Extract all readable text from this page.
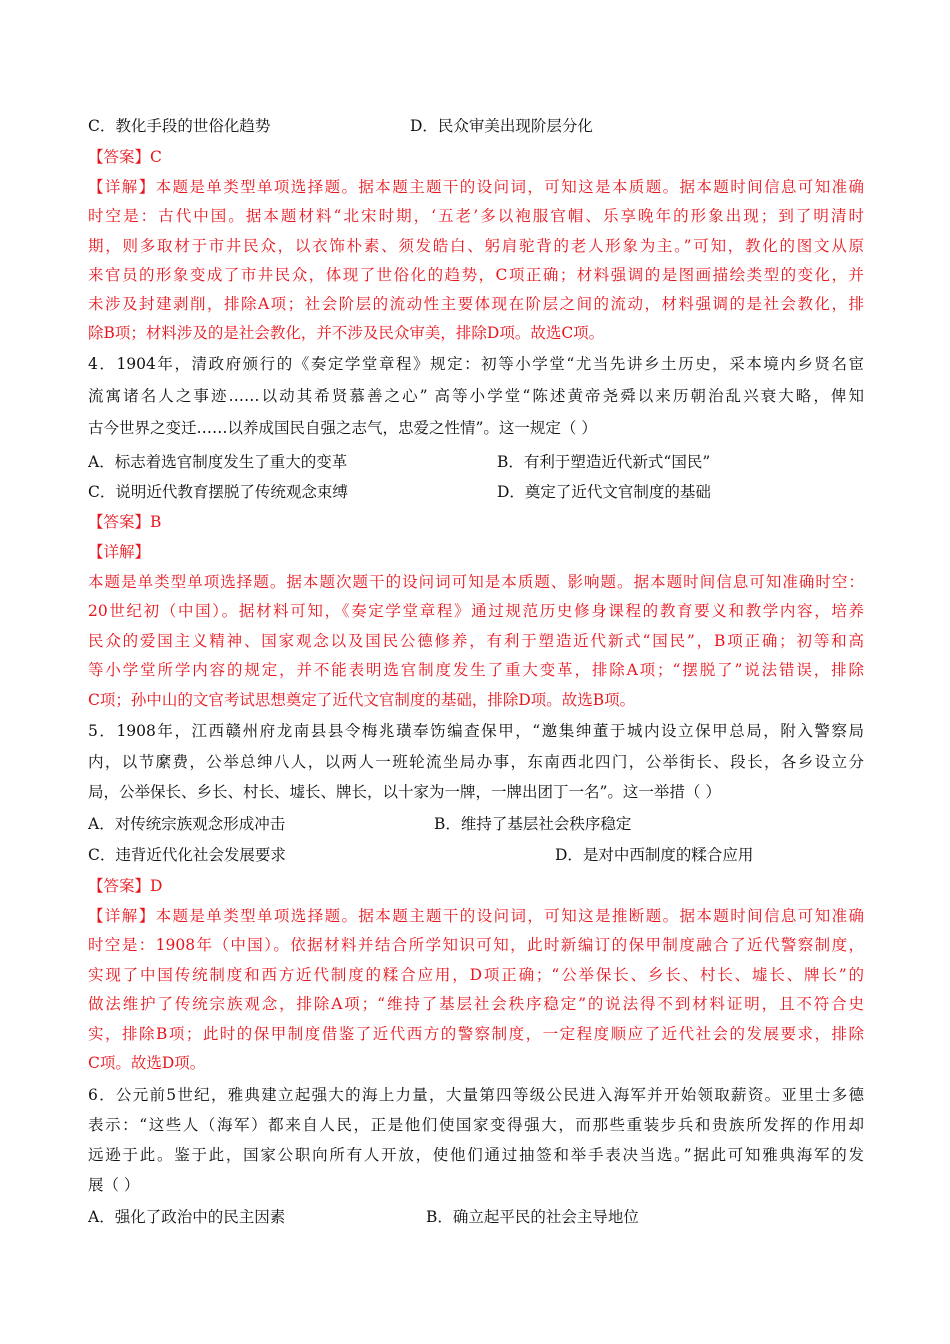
C．教化手段的世俗化趋势	D．民众审美出现阶层分化
【答案】C
【详解】本题是单类型单项选择题。据本题主题干的设问词，可知这是本质题。据本题时间信息可知准确
时空是：古代中国。据本题材料“北宋时期，‘五老’多以袍服官帽、乐享晚年的形象出现；到了明清时
期，则多取材于市井民众，以衣饰朴素、须发皓白、躬肩驼背的老人形象为主。”可知，教化的图文从原
来官员的形象变成了市井民众，体现了世俗化的趋势，C项正确；材料强调的是图画描绘类型的变化，并
未涉及封建剥削，排除A项；社会阶层的流动性主要体现在阶层之间的流动，材料强调的是社会教化，排
除B项；材料涉及的是社会教化，并不涉及民众审美，排除D项。故选C项。
4．1904年，清政府颁行的《奏定学堂章程》规定：初等小学堂“尤当先讲乡土历史，采本境内乡贤名宦
流寓诸名人之事迹……以动其希贤慕善之心” 高等小学堂“陈述黄帝尧舜以来历朝治乱兴衰大略，俾知
古今世界之变迁……以养成国民自强之志气，忠爱之性情”。这一规定（ ）
A．标志着选官制度发生了重大的变革	B．有利于塑造近代新式“国民”
C．说明近代教育摆脱了传统观念束缚	D．奠定了近代文官制度的基础
【答案】B
【详解】
本题是单类型单项选择题。据本题次题干的设问词可知是本质题、影响题。据本题时间信息可知准确时空：
20世纪初（中国）。据材料可知，《奏定学堂章程》通过规范历史修身课程的教育要义和教学内容，培养
民众的爱国主义精神、国家观念以及国民公德修养，有利于塑造近代新式“国民”，B项正确；初等和高
等小学堂所学内容的规定，并不能表明选官制度发生了重大变革，排除A项；“摆脱了”说法错误，排除
C项；孙中山的文官考试思想奠定了近代文官制度的基础，排除D项。故选B项。
5．1908年，江西赣州府龙南县县令梅兆璜奉饬编查保甲，“邀集绅董于城内设立保甲总局，附入警察局
内，以节縻费，公举总绅八人，以两人一班轮流坐局办事，东南西北四门，公举街长、段长，各乡设立分
局，公举保长、乡长、村长、墟长、牌长，以十家为一牌，一牌出团丁一名”。这一举措（ ）
A．对传统宗族观念形成冲击	B．维持了基层社会秩序稳定
C．违背近代化社会发展要求	D．是对中西制度的糅合应用
【答案】D
【详解】本题是单类型单项选择题。据本题主题干的设问词，可知这是推断题。据本题时间信息可知准确
时空是：1908年（中国）。依据材料并结合所学知识可知，此时新编订的保甲制度融合了近代警察制度，
实现了中国传统制度和西方近代制度的糅合应用，D项正确；“公举保长、乡长、村长、墟长、牌长”的
做法维护了传统宗族观念，排除A项；“维持了基层社会秩序稳定”的说法得不到材料证明，且不符合史
实，排除B项；此时的保甲制度借鉴了近代西方的警察制度，一定程度顺应了近代社会的发展要求，排除
C项。故选D项。
6．公元前5世纪，雅典建立起强大的海上力量，大量第四等级公民进入海军并开始领取薪资。亚里士多德
表示：“这些人（海军）都来自人民，正是他们使国家变得强大，而那些重装步兵和贵族所发挥的作用却
远逊于此。鉴于此，国家公职向所有人开放，使他们通过抽签和举手表决当选。”据此可知雅典海军的发
展（ ）
A．强化了政治中的民主因素	B．确立起平民的社会主导地位
